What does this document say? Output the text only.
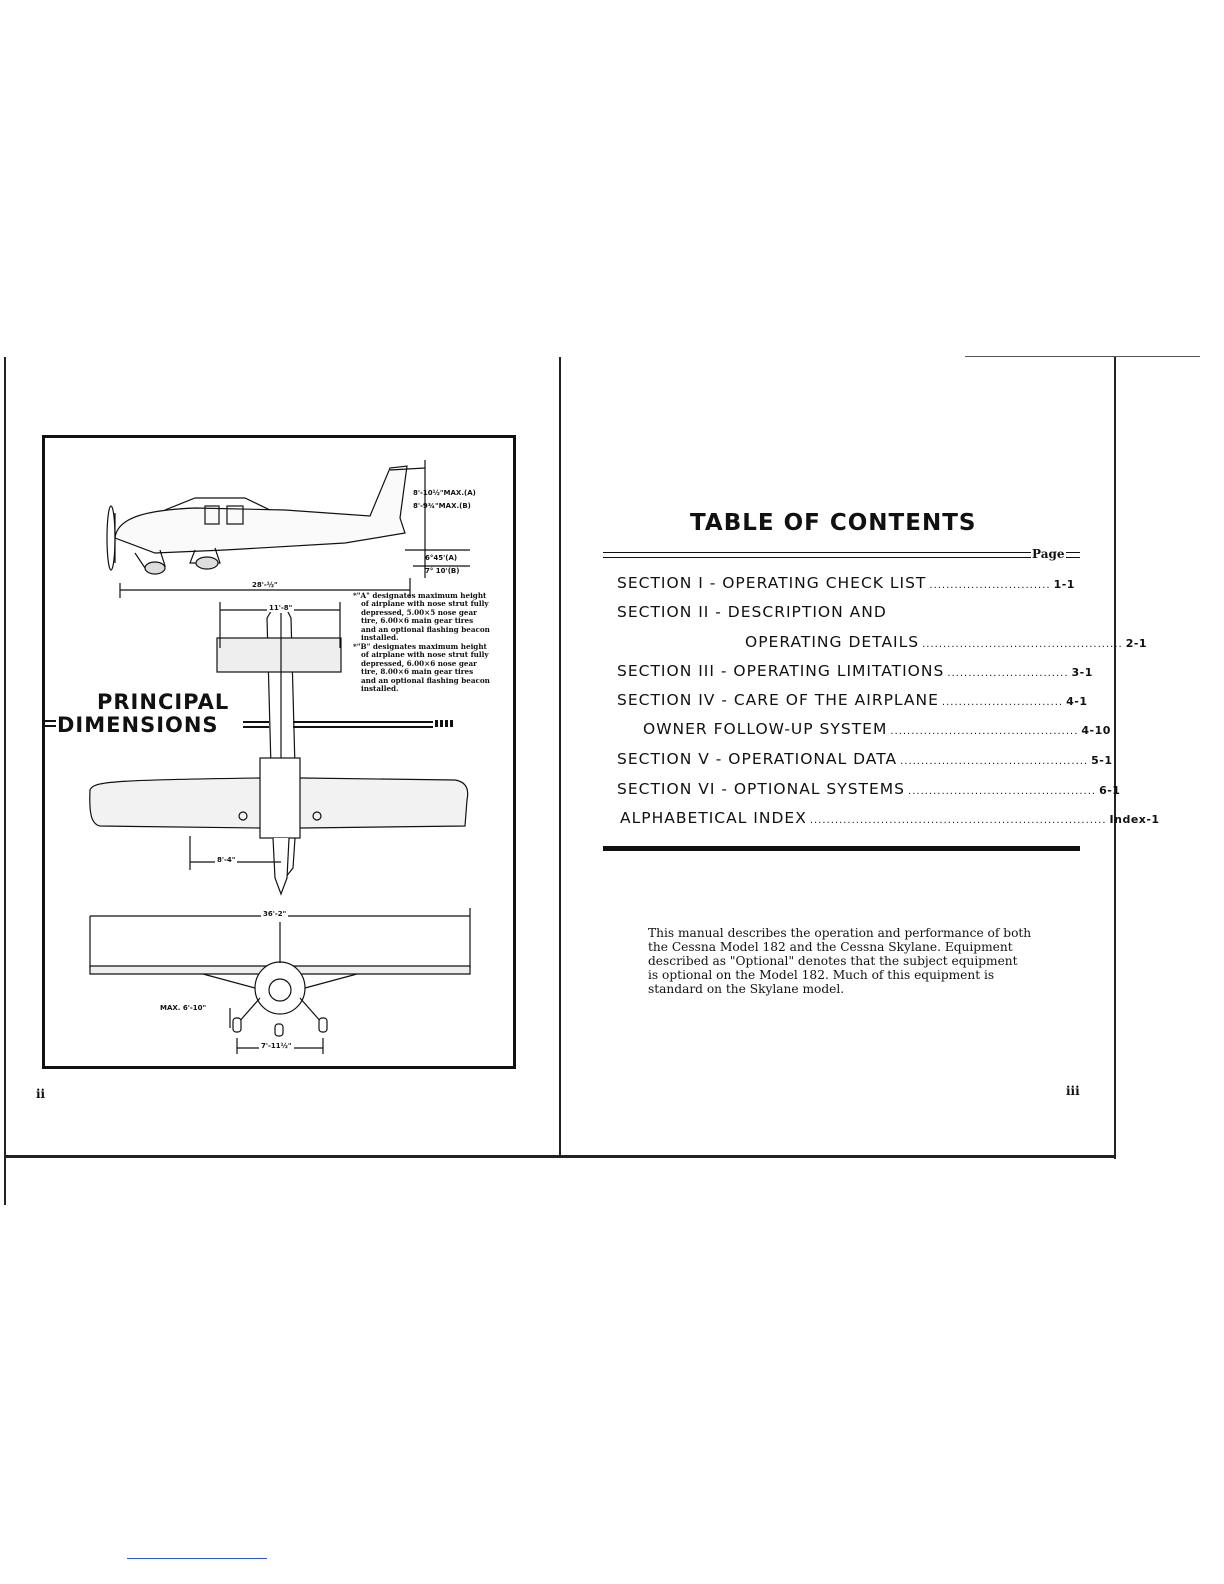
8'-10½"MAX.(A)
8'-9¾"MAX.(B)
6°45'(A)
7° 10'(B)
28'-½"
11'-8"
8'-4"
36'-2"
MAX. 6'-10"
7'-11½"
*"A" designates maximum height
of airplane with nose strut fully
depressed, 5.00×5 nose gear
tire, 6.00×6 main gear tires
and an optional flashing beacon
installed.
*"B" designates maximum height
of airplane with nose strut fully
depressed, 6.00×6 nose gear
tire, 8.00×6 main gear tires
and an optional flashing beacon
installed.
PRINCIPAL
DIMENSIONS
ii
TABLE OF CONTENTS
Page
SECTION I - OPERATING CHECK LIST ............................. 1-1
SECTION II - DESCRIPTION AND
OPERATING DETAILS ................................................ 2-1
SECTION III - OPERATING LIMITATIONS ............................. 3-1
SECTION IV - CARE OF THE AIRPLANE ............................. 4-1
OWNER FOLLOW-UP SYSTEM ............................................. 4-10
SECTION V - OPERATIONAL DATA ............................................. 5-1
SECTION VI - OPTIONAL SYSTEMS ............................................. 6-1
ALPHABETICAL INDEX ....................................................................... Index-1
This manual describes the operation and performance of both
the Cessna Model 182 and the Cessna Skylane. Equipment
described as "Optional" denotes that the subject equipment
is optional on the Model 182. Much of this equipment is
standard on the Skylane model.
iii
